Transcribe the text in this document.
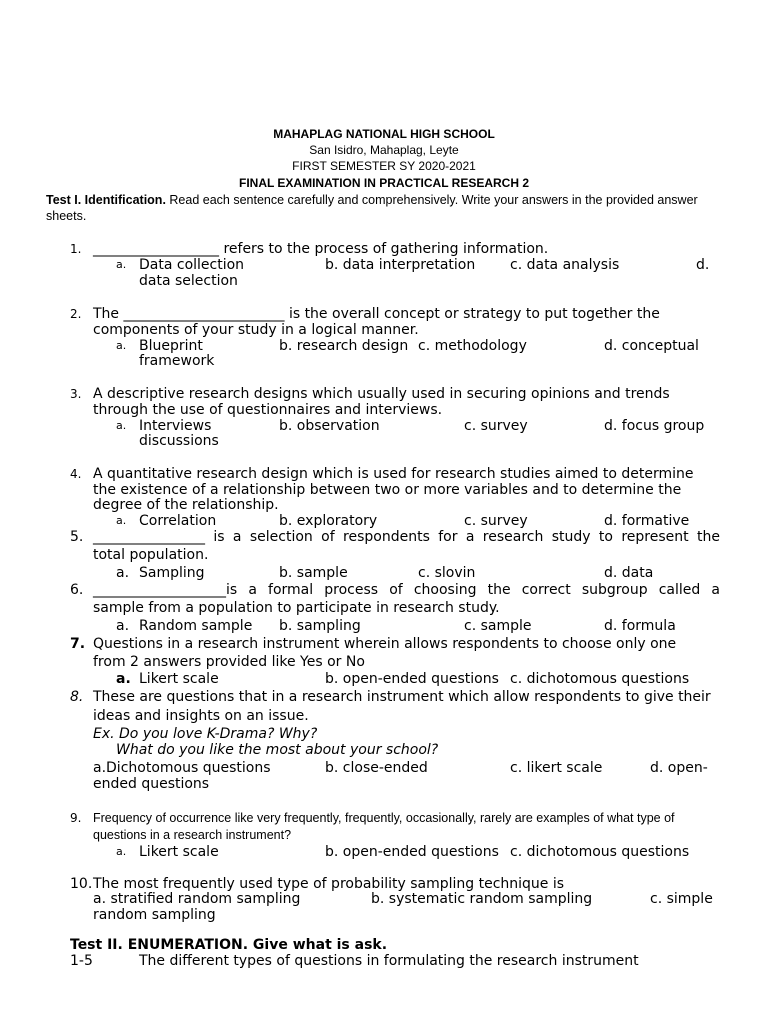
MAHAPLAG NATIONAL HIGH SCHOOL
San Isidro, Mahaplag, Leyte
FIRST SEMESTER SY 2020-2021
FINAL EXAMINATION IN PRACTICAL RESEARCH 2
Test I. Identification. Read each sentence carefully and comprehensively. Write your answers in the provided answer
sheets.
1. __________________ refers to the process of gathering information.
a. Data collection	b. data interpretation c. data analysis	d.
data selection
2. The _______________________ is the overall concept or strategy to put together the
components of your study in a logical manner.
a. Blueprint	b. research design c. methodology	d. conceptual
framework
3. A descriptive research designs which usually used in securing opinions and trends
through the use of questionnaires and interviews.
a. Interviews	b. observation	c. survey	d. focus group
discussions
4. A quantitative research design which is used for research studies aimed to determine
the existence of a relationship between two or more variables and to determine the
degree of the relationship.
a. Correlation	b. exploratory	c. survey	d. formative
5. ________________ is a selection of respondents for a research study to represent the
total population.
a. Sampling	b. sample	c. slovin	d. data
6. ___________________is a formal process of choosing the correct subgroup called a
sample from a population to participate in research study.
a. Random sample b. sampling	c. sample	d. formula
7. Questions in a research instrument wherein allows respondents to choose only one
from 2 answers provided like Yes or No
a. Likert scale	b. open-ended questions c. dichotomous questions
8. These are questions that in a research instrument which allow respondents to give their
ideas and insights on an issue.
Ex. Do you love K-Drama? Why?
What do you like the most about your school?
a.Dichotomous questions	b. close-ended	c. likert scale	d. open-
ended questions
9. Frequency of occurrence like very frequently, frequently, occasionally, rarely are examples of what type of
questions in a research instrument?
a. Likert scale	b. open-ended questions c. dichotomous questions
10. The most frequently used type of probability sampling technique is
a. stratified random sampling	b. systematic random sampling	c. simple
random sampling
Test II. ENUMERATION. Give what is ask.
1-5	The different types of questions in formulating the research instrument
